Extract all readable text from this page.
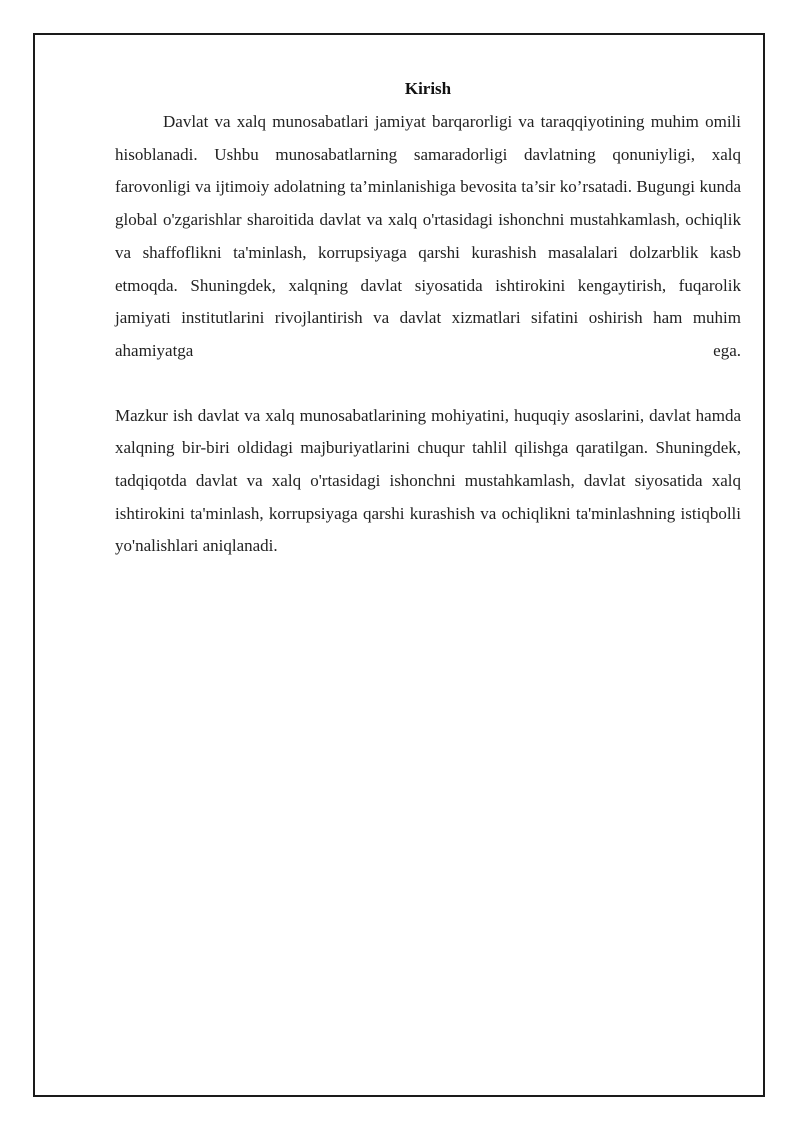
Kirish

Davlat va xalq munosabatlari jamiyat barqarorligi va taraqqiyotining muhim omili hisoblanadi. Ushbu munosabatlarning samaradorligi davlatning qonuniyligi, xalq farovonligi va ijtimoiy adolatning ta’minlanishiga bevosita ta’sir ko’rsatadi. Bugungi kunda global o'zgarishlar sharoitida davlat va xalq o'rtasidagi ishonchni mustahkamlash, ochiqlik va shaffoflikni ta'minlash, korrupsiyaga qarshi kurashish masalalari dolzarblik kasb etmoqda. Shuningdek, xalqning davlat siyosatida ishtirokini kengaytirish, fuqarolik jamiyati institutlarini rivojlantirish va davlat xizmatlari sifatini oshirish ham muhim ahamiyatga ega.

Mazkur ish davlat va xalq munosabatlarining mohiyatini, huquqiy asoslarini, davlat hamda xalqning bir-biri oldidagi majburiyatlarini chuqur tahlil qilishga qaratilgan. Shuningdek, tadqiqotda davlat va xalq o'rtasidagi ishonchni mustahkamlash, davlat siyosatida xalq ishtirokini ta'minlash, korrupsiyaga qarshi kurashish va ochiqlikni ta'minlashning istiqbolli yo'nalishlari aniqlanadi.
